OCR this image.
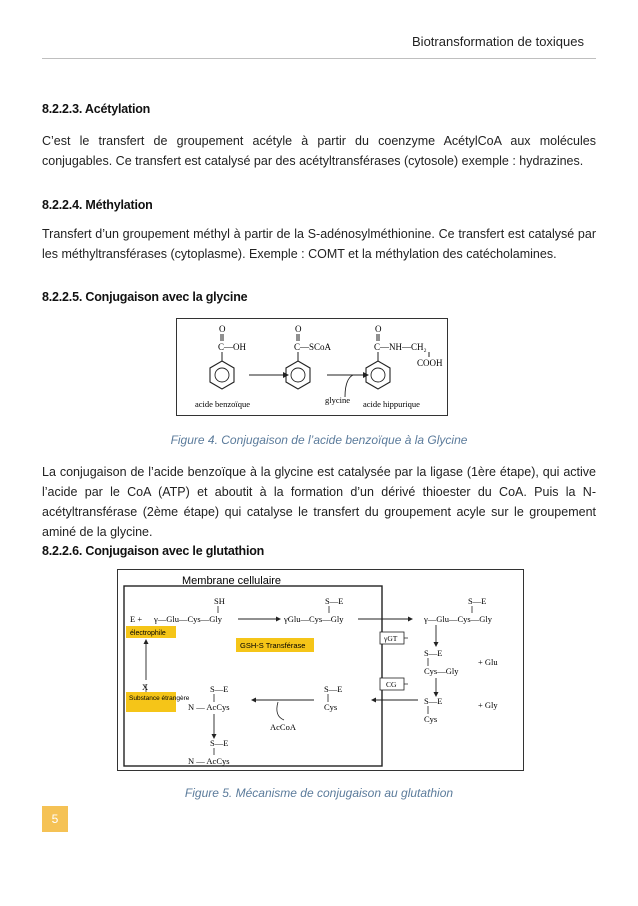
Biotransformation de toxiques
8.2.2.3. Acétylation
C’est le transfert de groupement acétyle à partir du coenzyme AcétylCoA aux molécules conjugables. Ce transfert est catalysé par des acétyltransférases (cytosole) exemple : hydrazines.
8.2.2.4. Méthylation
Transfert d’un groupement méthyl à partir de la S-adénosylméthionine. Ce transfert est catalysé par les méthyltransférases (cytoplasme). Exemple : COMT et la méthylation des catécholamines.
8.2.2.5. Conjugaison avec la glycine
O
C—OH
acide benzoïque
O
C—SCoA
glycine
O
C—NH—CH₂
COOH
acide hippurique
Figure 4. Conjugaison de l’acide benzoïque à la Glycine
La conjugaison de l’acide benzoïque à la glycine est catalysée par la ligase (1ère étape), qui active l’acide par le CoA (ATP) et aboutit à la formation d’un dérivé thioester du CoA. Puis la N-acétyltransférase (2ème étape) qui catalyse le transfert du groupement acyle sur le groupement aminé de la glycine.
8.2.2.6. Conjugaison avec le glutathion
Membrane cellulaire
SH
E + γ—Glu—Cys—Gly
S—E
γGlu—Cys—Gly
électrophile
GSH-S Transférase
X
Substance étrangère
S—E
γ—Glu—Cys—Gly
γGT
S—E
Cys—Gly
+ Glu
CG
S—E
Cys
+ Gly
S—E
Cys
AcCoA
S—E
N — AcCys
S—E
N — AcCys
Figure 5. Mécanisme de conjugaison au glutathion
5
